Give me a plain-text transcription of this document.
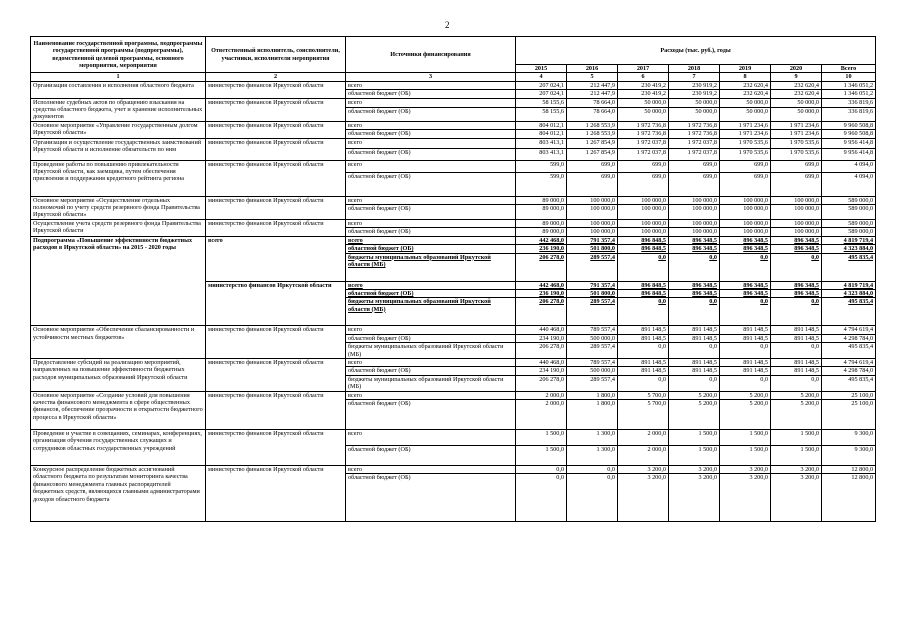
2
Наименование государственной программы, подпрограммы государственной программы (подпрограммы), ведомственной целевой программы, основного мероприятия, мероприятия	Ответственный исполнитель, соисполнители, участники, исполнители мероприятия	Источники финансирования	Расходы (тыс. руб.), годы						
			2015	2016	2017	2018	2019	2020	Всего
1	2	3	4	5	6	7	8	9	10
Организация составления и исполнения областного бюджета	министерство финансов Иркутской области	всего	207 024,1	212 447,9	230 419,2	230 919,2	232 620,4	232 620,4	1 346 051,2
		областной бюджет (ОБ)	207 024,1	212 447,9	230 419,2	230 919,2	232 620,4	232 620,4	1 346 051,2
Исполнение судебных актов по обращению взыскания на средства областного бюджета, учет и хранение исполнительных документов	министерство финансов Иркутской области	всего	58 155,6	78 664,0	50 000,0	50 000,0	50 000,0	50 000,0	336 819,6
		областной бюджет (ОБ)	58 155,6	78 664,0	50 000,0	50 000,0	50 000,0	50 000,0	336 819,6
Основное мероприятие «Управление государственным долгом Иркутской области»	министерство финансов Иркутской области	всего	804 012,1	1 268 553,9	1 972 736,8	1 972 736,8	1 971 234,6	1 971 234,6	9 960 508,8
		областной бюджет (ОБ)	804 012,1	1 268 553,9	1 972 736,8	1 972 736,8	1 971 234,6	1 971 234,6	9 960 508,8
Организация и осуществление государственных заимствований Иркутской области и исполнение обязательств по ним	министерство финансов Иркутской области	всего	803 413,1	1 267 854,9	1 972 037,8	1 972 037,8	1 970 535,6	1 970 535,6	9 956 414,8
		областной бюджет (ОБ)	803 413,1	1 267 854,9	1 972 037,8	1 972 037,8	1 970 535,6	1 970 535,6	9 956 414,8
Проведение работы по повышению привлекательности Иркутской области, как заемщика, путем обеспечения присвоения и поддержания кредитного рейтинга региона	министерство финансов Иркутской области	всего	599,0	699,0	699,0	699,0	699,0	699,0	4 094,0
		областной бюджет (ОБ)	599,0	699,0	699,0	699,0	699,0	699,0	4 094,0
Основное мероприятие «Осуществление отдельных полномочий по учету средств резервного фонда Правительства Иркутской области»	министерство финансов Иркутской области	всего	89 000,0	100 000,0	100 000,0	100 000,0	100 000,0	100 000,0	589 000,0
		областной бюджет (ОБ)	89 000,0	100 000,0	100 000,0	100 000,0	100 000,0	100 000,0	589 000,0
Осуществление учета средств резервного фонда Правительства Иркутской области	министерство финансов Иркутской области	всего	89 000,0	100 000,0	100 000,0	100 000,0	100 000,0	100 000,0	589 000,0
		областной бюджет (ОБ)	89 000,0	100 000,0	100 000,0	100 000,0	100 000,0	100 000,0	589 000,0
Подпрограмма «Повышение эффективности бюджетных расходов в Иркутской области» на 2015 - 2020 годы	всего	всего	442 468,0	791 357,4	896 848,5	896 348,5	896 348,5	896 348,5	4 819 719,4
		областной бюджет (ОБ)	236 190,0	501 800,0	896 848,5	896 348,5	896 348,5	896 348,5	4 323 884,0
		бюджеты муниципальных образований Иркутской области (МБ)	206 278,0	289 557,4	0,0	0,0	0,0	0,0	495 835,4
	министерство финансов Иркутской области	всего	442 468,0	791 357,4	896 848,5	896 348,5	896 348,5	896 348,5	4 819 719,4
		областной бюджет (ОБ)	236 190,0	501 800,0	896 848,5	896 348,5	896 348,5	896 348,5	4 323 884,0
		бюджеты муниципальных образований Иркутской области (МБ)	206 278,0	289 557,4	0,0	0,0	0,0	0,0	495 835,4
Основное мероприятие «Обеспечение сбалансированности и устойчивости местных бюджетов»	министерство финансов Иркутской области	всего	440 468,0	789 557,4	891 148,5	891 148,5	891 148,5	891 148,5	4 794 619,4
		областной бюджет (ОБ)	234 190,0	500 000,0	891 148,5	891 148,5	891 148,5	891 148,5	4 298 784,0
		бюджеты муниципальных образований Иркутской области (МБ)	206 278,0	289 557,4	0,0	0,0	0,0	0,0	495 835,4
Предоставление субсидий на реализацию мероприятий, направленных на повышение эффективности бюджетных расходов муниципальных образований Иркутской области	министерство финансов Иркутской области	всего	440 468,0	789 557,4	891 148,5	891 148,5	891 148,5	891 148,5	4 794 619,4
		областной бюджет (ОБ)	234 190,0	500 000,0	891 148,5	891 148,5	891 148,5	891 148,5	4 298 784,0
		бюджеты муниципальных образований Иркутской области (МБ)	206 278,0	289 557,4	0,0	0,0	0,0	0,0	495 835,4
Основное мероприятие «Создание условий для повышения качества финансового менеджмента в сфере общественных финансов, обеспечение прозрачности и открытости бюджетного процесса в Иркутской области»	министерство финансов Иркутской области	всего	2 000,0	1 800,0	5 700,0	5 200,0	5 200,0	5 200,0	25 100,0
		областной бюджет (ОБ)	2 000,0	1 800,0	5 700,0	5 200,0	5 200,0	5 200,0	25 100,0
Проведение и участие в совещаниях, семинарах, конференциях, организация обучения государственных служащих и сотрудников областных государственных учреждений	министерство финансов Иркутской области	всего	1 500,0	1 300,0	2 000,0	1 500,0	1 500,0	1 500,0	9 300,0
		областной бюджет (ОБ)	1 500,0	1 300,0	2 000,0	1 500,0	1 500,0	1 500,0	9 300,0
Конкурсное распределение бюджетных ассигнований областного бюджета по результатам мониторинга качества финансового менеджмента главных распорядителей бюджетных средств, являющихся главными администраторами доходов областного бюджета	министерство финансов Иркутской области	всего	0,0	0,0	3 200,0	3 200,0	3 200,0	3 200,0	12 800,0
		областной бюджет (ОБ)	0,0	0,0	3 200,0	3 200,0	3 200,0	3 200,0	12 800,0
